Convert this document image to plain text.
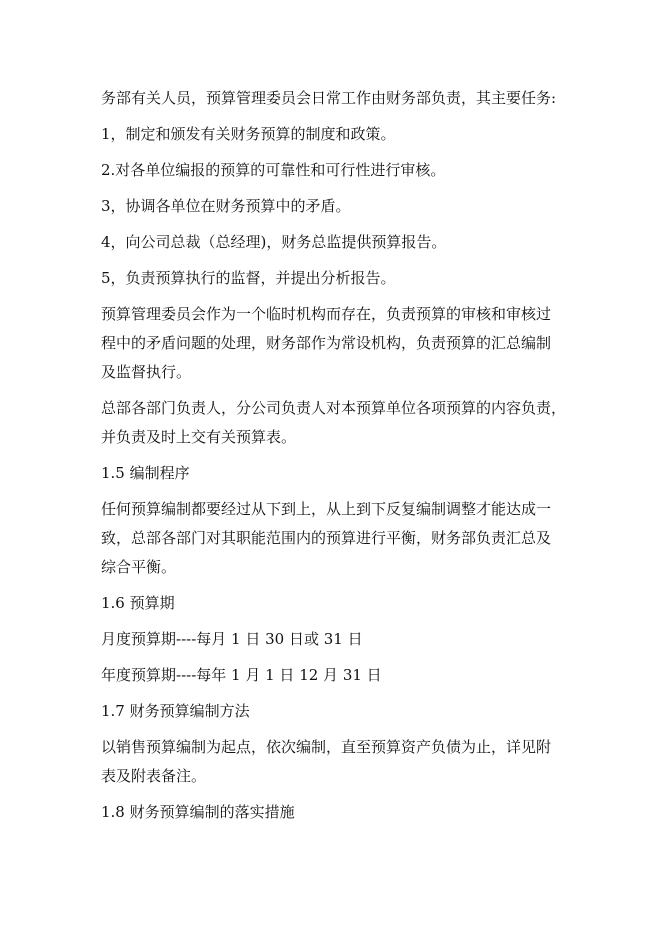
务部有关人员，预算管理委员会日常工作由财务部负责，其主要任务:

1，制定和颁发有关财务预算的制度和政策。

2.对各单位编报的预算的可靠性和可行性进行审核。

3，协调各单位在财务预算中的矛盾。

4，向公司总裁（总经理)，财务总监提供预算报告。

5，负责预算执行的监督，并提出分析报告。

预算管理委员会作为一个临时机构而存在，负责预算的审核和审核过
程中的矛盾问题的处理，财务部作为常设机构，负责预算的汇总编制
及监督执行。

总部各部门负责人，分公司负责人对本预算单位各项预算的内容负责，
并负责及时上交有关预算表。

1.5 编制程序

任何预算编制都要经过从下到上，从上到下反复编制调整才能达成一
致，总部各部门对其职能范围内的预算进行平衡，财务部负责汇总及
综合平衡。

1.6 预算期

月度预算期----每月 1 日 30 日或 31 日

年度预算期----每年 1 月 1 日 12 月 31 日

1.7 财务预算编制方法

以销售预算编制为起点，依次编制，直至预算资产负债为止，详见附
表及附表备注。

1.8 财务预算编制的落实措施
